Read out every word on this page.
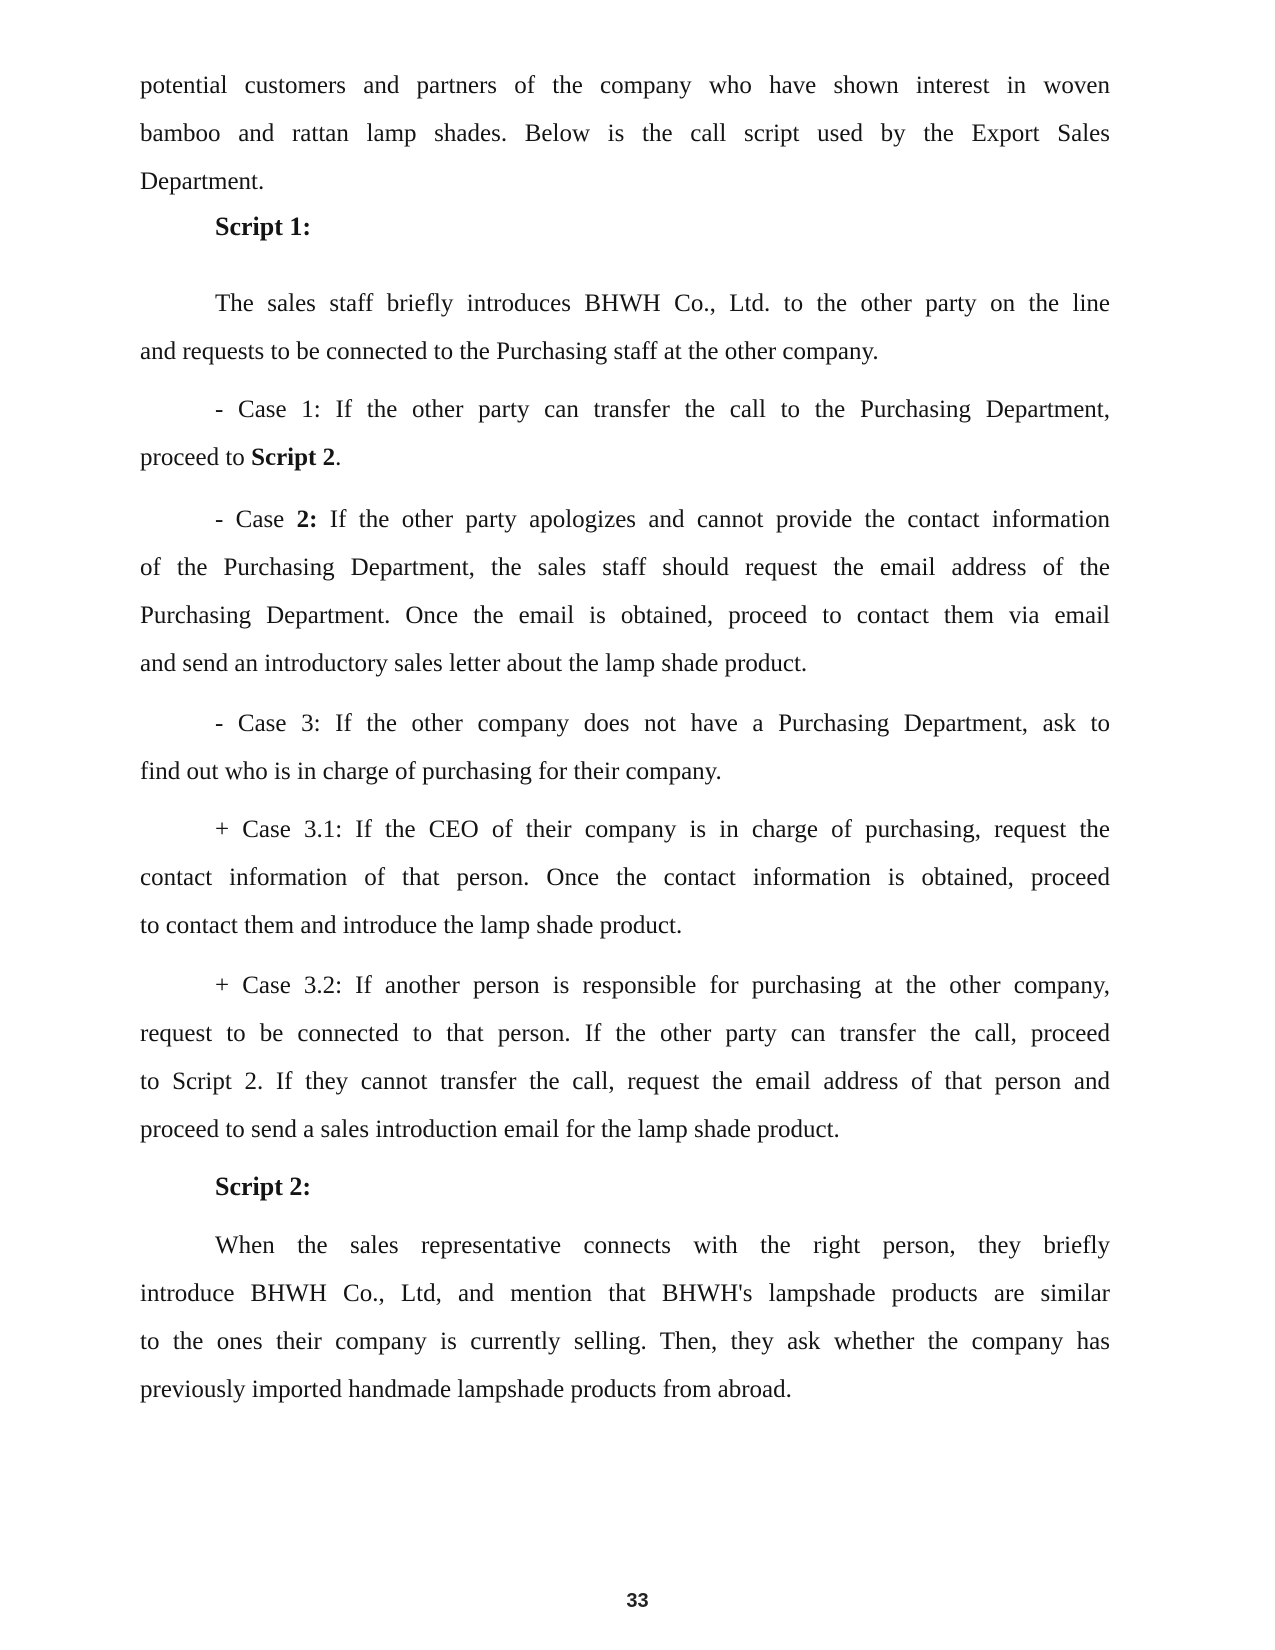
potential customers and partners of the company who have shown interest in woven
bamboo and rattan lamp shades. Below is the call script used by the Export Sales
Department.

Script 1:

The sales staff briefly introduces BHWH Co., Ltd. to the other party on the line
and requests to be connected to the Purchasing staff at the other company.

- Case 1: If the other party can transfer the call to the Purchasing Department,
proceed to Script 2.

- Case 2: If the other party apologizes and cannot provide the contact information
of the Purchasing Department, the sales staff should request the email address of the
Purchasing Department. Once the email is obtained, proceed to contact them via email
and send an introductory sales letter about the lamp shade product.

- Case 3: If the other company does not have a Purchasing Department, ask to
find out who is in charge of purchasing for their company.

+ Case 3.1: If the CEO of their company is in charge of purchasing, request the
contact information of that person. Once the contact information is obtained, proceed
to contact them and introduce the lamp shade product.

+ Case 3.2: If another person is responsible for purchasing at the other company,
request to be connected to that person. If the other party can transfer the call, proceed
to Script 2. If they cannot transfer the call, request the email address of that person and
proceed to send a sales introduction email for the lamp shade product.

Script 2:

When the sales representative connects with the right person, they briefly
introduce BHWH Co., Ltd, and mention that BHWH's lampshade products are similar
to the ones their company is currently selling. Then, they ask whether the company has
previously imported handmade lampshade products from abroad.

33
